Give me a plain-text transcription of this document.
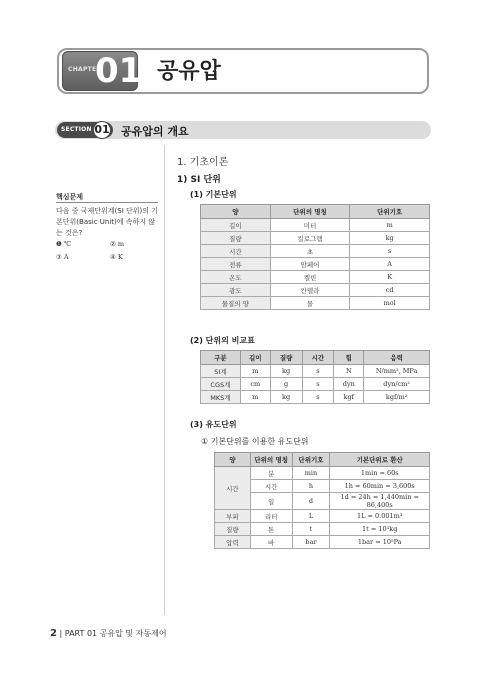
CHAPTER
01 공유압
SECTION 01 공유압의 개요
핵심문제
다음 중 국제단위계(SI 단위)의 기본단위(Basic Unit)에 속하지 않는 것은?
❶ ℃	② m
③ A	④ K
1. 기초이론
1) SI 단위
(1) 기본단위
양	단위의 명칭	단위기호
길이	미터	m
질량	킬로그램	kg
시간	초	s
전류	암페어	A
온도	켈빈	K
광도	칸델라	cd
물질의 양	몰	mol
(2) 단위의 비교표
구분	길이	질량	시간	힘	응력
SI계	m	kg	s	N	N/mm², MPa
CGS계	cm	g	s	dyn	dyn/cm²
MKS계	m	kg	s	kgf	kgf/m²
(3) 유도단위
① 기본단위를 이용한 유도단위
양	단위의 명칭	단위기호	기본단위로 환산
시간	분	min	1min = 60s
	시간	h	1h = 60min = 3,600s
	일	d	1d = 24h = 1,440min = 86,400s
부피	리터	L	1L = 0.001m³
질량	톤	t	1t = 10³kg
압력	바	bar	1bar = 10⁵Pa
2 | PART 01 공유압 및 자동제어
